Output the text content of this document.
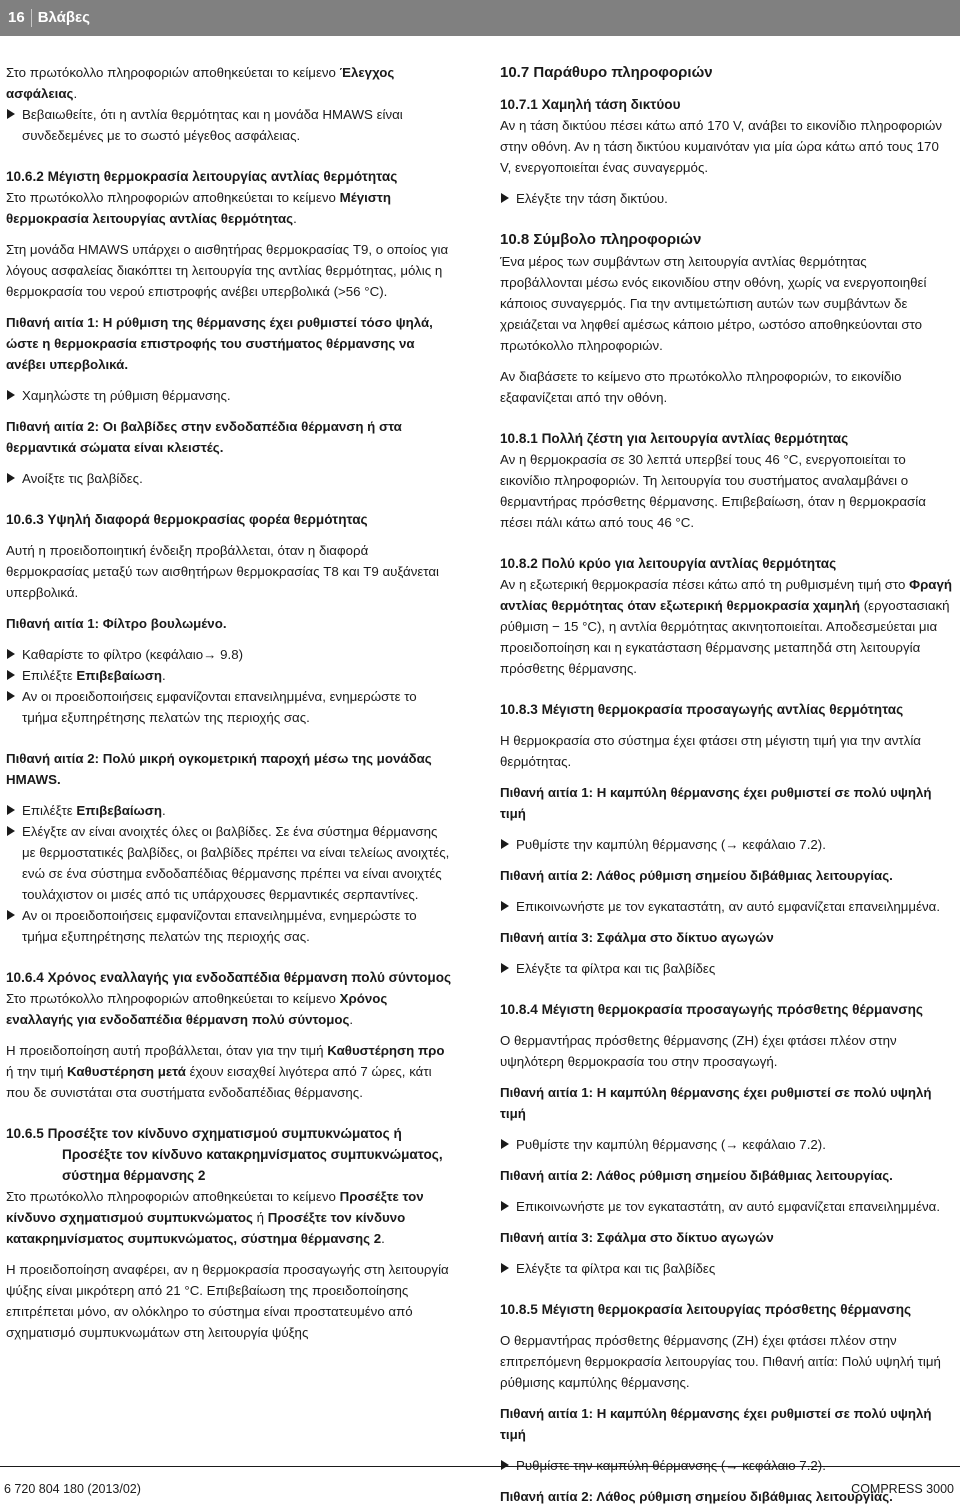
16 Βλάβες

Στο πρωτόκολλο πληροφοριών αποθηκεύεται το κείμενο Έλεγχος ασφάλειας.

Βεβαιωθείτε, ότι η αντλία θερμότητας και η μονάδα HMAWS είναι συνδεδεμένες με το σωστό μέγεθος ασφάλειας.

10.6.2 Μέγιστη θερμοκρασία λειτουργίας αντλίας θερμότητας

Στο πρωτόκολλο πληροφοριών αποθηκεύεται το κείμενο Μέγιστη θερμοκρασία λειτουργίας αντλίας θερμότητας.

Στη μονάδα HMAWS υπάρχει ο αισθητήρας θερμοκρασίας T9, ο οποίος για λόγους ασφαλείας διακόπτει τη λειτουργία της αντλίας θερμότητας, μόλις η θερμοκρασία του νερού επιστροφής ανέβει υπερβολικά (>56 °C).

Πιθανή αιτία 1: Η ρύθμιση της θέρμανσης έχει ρυθμιστεί τόσο ψηλά, ώστε η θερμοκρασία επιστροφής του συστήματος θέρμανσης να ανέβει υπερβολικά.

Χαμηλώστε τη ρύθμιση θέρμανσης.

Πιθανή αιτία 2: Οι βαλβίδες στην ενδοδαπέδια θέρμανση ή στα θερμαντικά σώματα είναι κλειστές.

Ανοίξτε τις βαλβίδες.

10.6.3 Υψηλή διαφορά θερμοκρασίας φορέα θερμότητας

Αυτή η προειδοποιητική ένδειξη προβάλλεται, όταν η διαφορά θερμοκρασίας μεταξύ των αισθητήρων θερμοκρασίας T8 και T9 αυξάνεται υπερβολικά.

Πιθανή αιτία 1: Φίλτρο βουλωμένο.

Καθαρίστε το φίλτρο (κεφάλαιο→ 9.8)

Επιλέξτε Επιβεβαίωση.

Αν οι προειδοποιήσεις εμφανίζονται επανειλημμένα, ενημερώστε το τμήμα εξυπηρέτησης πελατών της περιοχής σας.

Πιθανή αιτία 2: Πολύ μικρή ογκομετρική παροχή μέσω της μονάδας HMAWS.

Επιλέξτε Επιβεβαίωση.

Ελέγξτε αν είναι ανοιχτές όλες οι βαλβίδες. Σε ένα σύστημα θέρμανσης με θερμοστατικές βαλβίδες, οι βαλβίδες πρέπει να είναι τελείως ανοιχτές, ενώ σε ένα σύστημα ενδοδαπέδιας θέρμανσης πρέπει να είναι ανοιχτές τουλάχιστον οι μισές από τις υπάρχουσες θερμαντικές σερπαντίνες.

Αν οι προειδοποιήσεις εμφανίζονται επανειλημμένα, ενημερώστε το τμήμα εξυπηρέτησης πελατών της περιοχής σας.

10.6.4 Χρόνος εναλλαγής για ενδοδαπέδια θέρμανση πολύ σύντομος

Στο πρωτόκολλο πληροφοριών αποθηκεύεται το κείμενο Χρόνος εναλλαγής για ενδοδαπέδια θέρμανση πολύ σύντομος.

Η προειδοποίηση αυτή προβάλλεται, όταν για την τιμή Καθυστέρηση προ ή την τιμή Καθυστέρηση μετά έχουν εισαχθεί λιγότερα από 7 ώρες, κάτι που δε συνιστάται στα συστήματα ενδοδαπέδιας θέρμανσης.

10.6.5 Προσέξτε τον κίνδυνο σχηματισμού συμπυκνώματος ή Προσέξτε τον κίνδυνο κατακρημνίσματος συμπυκνώματος, σύστημα θέρμανσης 2

Στο πρωτόκολλο πληροφοριών αποθηκεύεται το κείμενο Προσέξτε τον κίνδυνο σχηματισμού συμπυκνώματος ή Προσέξτε τον κίνδυνο κατακρημνίσματος συμπυκνώματος, σύστημα θέρμανσης 2.

Η προειδοποίηση αναφέρει, αν η θερμοκρασία προσαγωγής στη λειτουργία ψύξης είναι μικρότερη από 21 °C. Επιβεβαίωση της προειδοποίησης επιτρέπεται μόνο, αν ολόκληρο το σύστημα είναι προστατευμένο από σχηματισμό συμπυκνωμάτων στη λειτουργία ψύξης

10.7 Παράθυρο πληροφοριών

10.7.1 Χαμηλή τάση δικτύου

Αν η τάση δικτύου πέσει κάτω από 170 V, ανάβει το εικονίδιο πληροφοριών στην οθόνη. Αν η τάση δικτύου κυμαινόταν για μία ώρα κάτω από τους 170 V, ενεργοποιείται ένας συναγερμός.

Ελέγξτε την τάση δικτύου.

10.8 Σύμβολο πληροφοριών

Ένα μέρος των συμβάντων στη λειτουργία αντλίας θερμότητας προβάλλονται μέσω ενός εικονιδίου στην οθόνη, χωρίς να ενεργοποιηθεί κάποιος συναγερμός. Για την αντιμετώπιση αυτών των συμβάντων δε χρειάζεται να ληφθεί αμέσως κάποιο μέτρο, ωστόσο αποθηκεύονται στο πρωτόκολλο πληροφοριών.

Αν διαβάσετε το κείμενο στο πρωτόκολλο πληροφοριών, το εικονίδιο εξαφανίζεται από την οθόνη.

10.8.1 Πολλή ζέστη για λειτουργία αντλίας θερμότητας

Αν η θερμοκρασία σε 30 λεπτά υπερβεί τους 46 °C, ενεργοποιείται το εικονίδιο πληροφοριών. Τη λειτουργία του συστήματος αναλαμβάνει ο θερμαντήρας πρόσθετης θέρμανσης. Επιβεβαίωση, όταν η θερμοκρασία πέσει πάλι κάτω από τους 46 °C.

10.8.2 Πολύ κρύο για λειτουργία αντλίας θερμότητας

Αν η εξωτερική θερμοκρασία πέσει κάτω από τη ρυθμισμένη τιμή στο Φραγή αντλίας θερμότητας όταν εξωτερική θερμοκρασία χαμηλή (εργοστασιακή ρύθμιση − 15 °C), η αντλία θερμότητας ακινητοποιείται. Αποδεσμεύεται μια προειδοποίηση και η εγκατάσταση θέρμανσης μεταπηδά στη λειτουργία πρόσθετης θέρμανσης.

10.8.3 Μέγιστη θερμοκρασία προσαγωγής αντλίας θερμότητας

Η θερμοκρασία στο σύστημα έχει φτάσει στη μέγιστη τιμή για την αντλία θερμότητας.

Πιθανή αιτία 1: Η καμπύλη θέρμανσης έχει ρυθμιστεί σε πολύ υψηλή τιμή

Ρυθμίστε την καμπύλη θέρμανσης (→ κεφάλαιο 7.2).

Πιθανή αιτία 2: Λάθος ρύθμιση σημείου διβάθμιας λειτουργίας.

Επικοινωνήστε με τον εγκαταστάτη, αν αυτό εμφανίζεται επανειλημμένα.

Πιθανή αιτία 3: Σφάλμα στο δίκτυο αγωγών

Ελέγξτε τα φίλτρα και τις βαλβίδες

10.8.4 Μέγιστη θερμοκρασία προσαγωγής πρόσθετης θέρμανσης

Ο θερμαντήρας πρόσθετης θέρμανσης (ZH) έχει φτάσει πλέον στην υψηλότερη θερμοκρασία του στην προσαγωγή.

Πιθανή αιτία 1: Η καμπύλη θέρμανσης έχει ρυθμιστεί σε πολύ υψηλή τιμή

Ρυθμίστε την καμπύλη θέρμανσης (→ κεφάλαιο 7.2).

Πιθανή αιτία 2: Λάθος ρύθμιση σημείου διβάθμιας λειτουργίας.

Επικοινωνήστε με τον εγκαταστάτη, αν αυτό εμφανίζεται επανειλημμένα.

Πιθανή αιτία 3: Σφάλμα στο δίκτυο αγωγών

Ελέγξτε τα φίλτρα και τις βαλβίδες

10.8.5 Μέγιστη θερμοκρασία λειτουργίας πρόσθετης θέρμανσης

Ο θερμαντήρας πρόσθετης θέρμανσης (ZH) έχει φτάσει πλέον στην επιτρεπόμενη θερμοκρασία λειτουργίας του. Πιθανή αιτία: Πολύ υψηλή τιμή ρύθμισης καμπύλης θέρμανσης.

Πιθανή αιτία 1: Η καμπύλη θέρμανσης έχει ρυθμιστεί σε πολύ υψηλή τιμή

Ρυθμίστε την καμπύλη θέρμανσης (→ κεφάλαιο 7.2).

Πιθανή αιτία 2: Λάθος ρύθμιση σημείου διβάθμιας λειτουργίας.

6 720 804 180 (2013/02)	COMPRESS 3000
